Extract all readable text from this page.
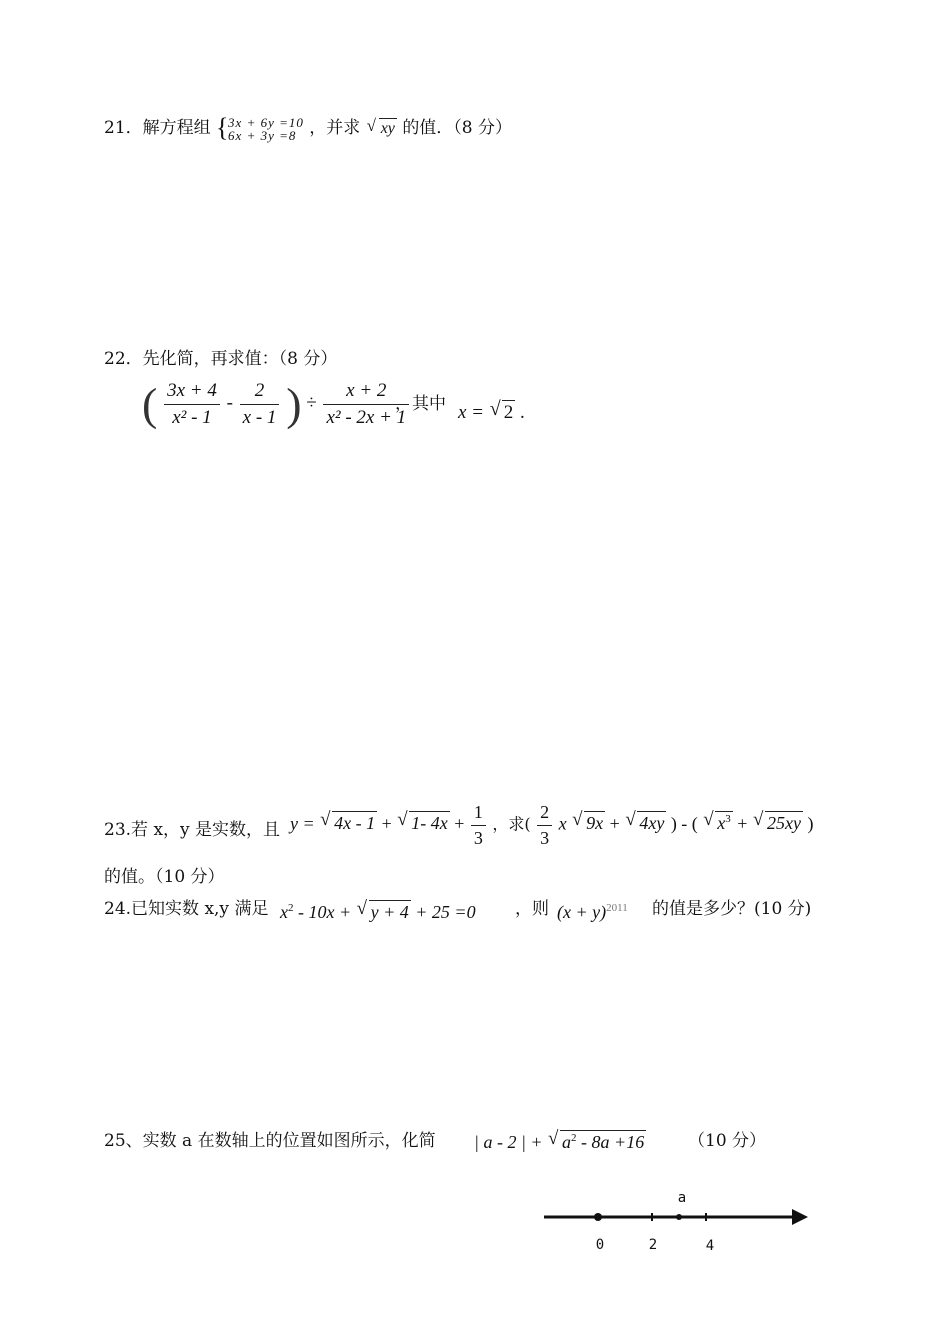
21．解方程组 { 3x + 6y =10
6x + 3y =8 ，并求 √ xy 的值．（8 分）
22．先化简，再求值：（8 分）
( $\frac{3x + 4}{\text{x² - 1}} - \frac{2}{x - 1}$ ) ÷ $\frac{x + 2}{\text{x² - 2x + 1}}$
，其中 x = √ 2 .
23.若 x，y 是实数，且 y = √ 4x - 1 + √ 1- $4x + \frac{1}{3}$ ，求( $\frac{2}{3}$ x √ 9x + √ 4xy ) - ( √ $x^3$ + √ 25xy )
的值。（10 分）
24.已知实数 x,y 满足 $x^2 - 10x$ + √ y + 4 + 25 =0 ，则 $(x + y)^{2011}$ 的值是多少？(10 分)
25、实数 a 在数轴上的位置如图所示，化简 | a - 2 | + √ $a^2 - 8a +16$	（10 分）
a
0	2	4
